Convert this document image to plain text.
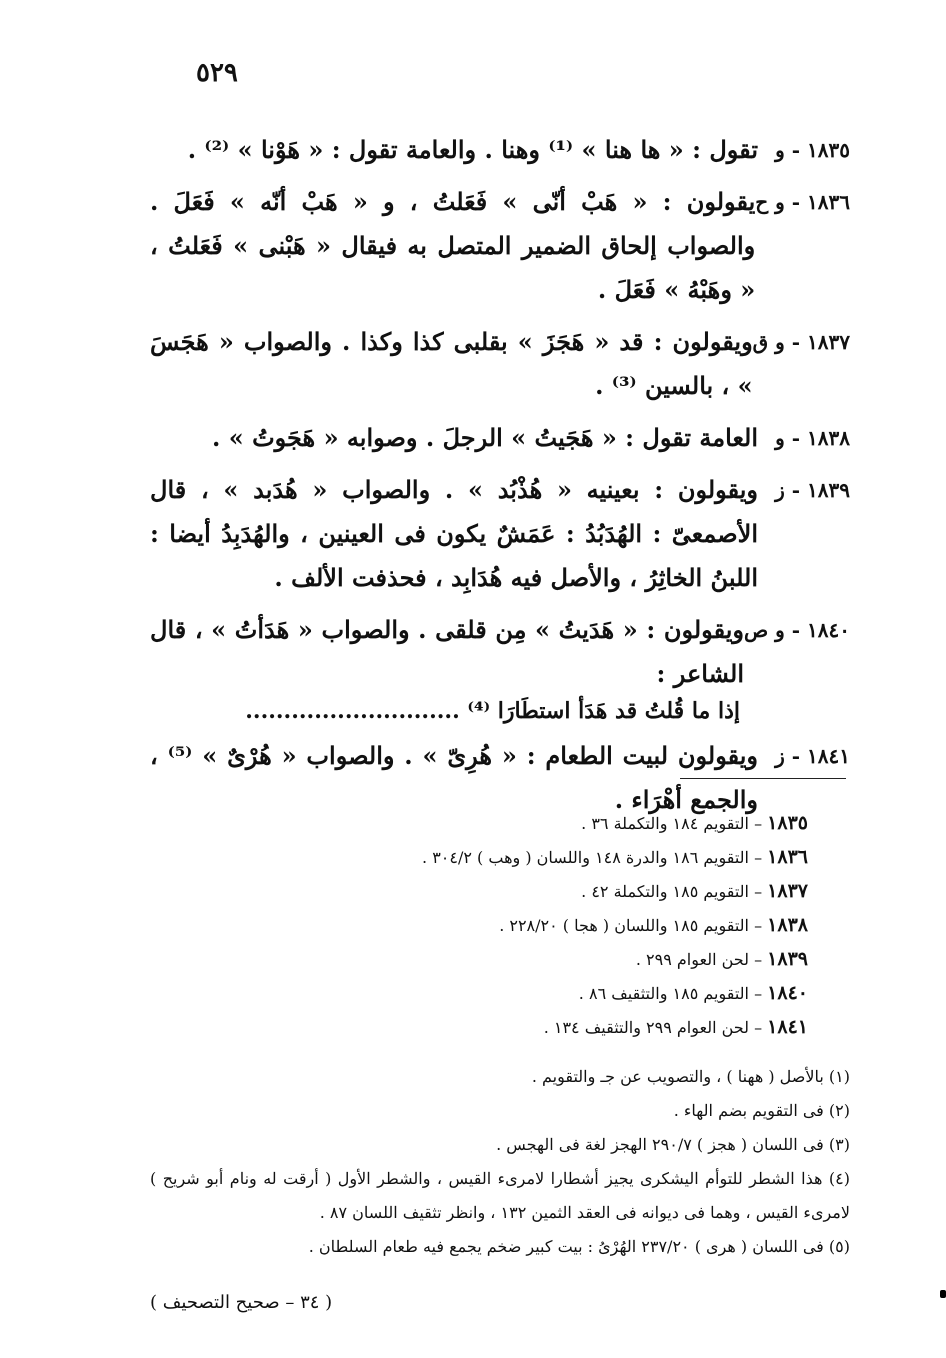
٥٢٩
١٨٣٥ - و
تقول : « ها هنا » ⁽¹⁾ وهنا . والعامة تقول : « هَوْنا » ⁽²⁾ .
١٨٣٦ - و ح
يقولون : « هَبْ أنّى » فَعَلتُ ، و « هَبْ أنّه » فَعَلَ . والصواب إلحاق الضمير المتصل به فيقال « هَبْنى » فَعَلتُ ، « وهَبْهُ » فَعَلَ .
١٨٣٧ - و ق
ويقولون : قد « هَجَزَ » بقلبى كذا وكذا . والصواب « هَجَسَ » ، بالسين ⁽³⁾ .
١٨٣٨ - و
العامة تقول : « هَجَيتُ » الرجلَ . وصوابه « هَجَوتُ » .
١٨٣٩ - ز
ويقولون : بعينيه « هُذْبُد » . والصواب « هُدَبد » ، قال الأصمعىّ : الهُدَبُدُ : عَمَشٌ يكون فى العينين ، والهُدَبِدُ أيضا : اللبنُ الخاثِرُ ، والأصل فيه هُدَابِد ، فحذفت الألف .
١٨٤٠ - و ص
ويقولون : « هَدَيتُ » مِن قلقى . والصواب « هَدَأتُ » ، قال الشاعر :
إذا ما قُلتُ قد هَدَأ استطَارَا ⁽⁴⁾ ............................
١٨٤١ - ز
ويقولون لبيت الطعام : « هُرِىّ » . والصواب « هُرْىٌ » ⁽⁵⁾ ، والجمع أهْرَاء .
١٨٣٥ – التقويم ١٨٤ والتكملة ٣٦ .
١٨٣٦ – التقويم ١٨٦ والدرة ١٤٨ واللسان ( وهب ) ٣٠٤/٢ .
١٨٣٧ – التقويم ١٨٥ والتكملة ٤٢ .
١٨٣٨ – التقويم ١٨٥ واللسان ( هجا ) ٢٢٨/٢٠ .
١٨٣٩ – لحن العوام ٢٩٩ .
١٨٤٠ – التقويم ١٨٥ والتثقيف ٨٦ .
١٨٤١ – لحن العوام ٢٩٩ والتثقيف ١٣٤ .
(١) بالأصل ( ههنا ) ، والتصويب عن جـ والتقويم .
(٢) فى التقويم بضم الهاء .
(٣) فى اللسان ( هجز ) ٢٩٠/٧ الهجز لغة فى الهجس .
(٤) هذا الشطر للتوأم اليشكرى يجيز أشطارا لامرىء القيس ، والشطر الأول ( أرقت له ونام أبو شريح ) لامرىء القيس ، وهما فى ديوانه فى العقد الثمين ١٣٢ ، وانظر تثقيف اللسان ٨٧ .
(٥) فى اللسان ( هرى ) ٢٣٧/٢٠ الهُرْىُ : بيت كبير ضخم يجمع فيه طعام السلطان .
( ٣٤ – صحيح التصحيف )
